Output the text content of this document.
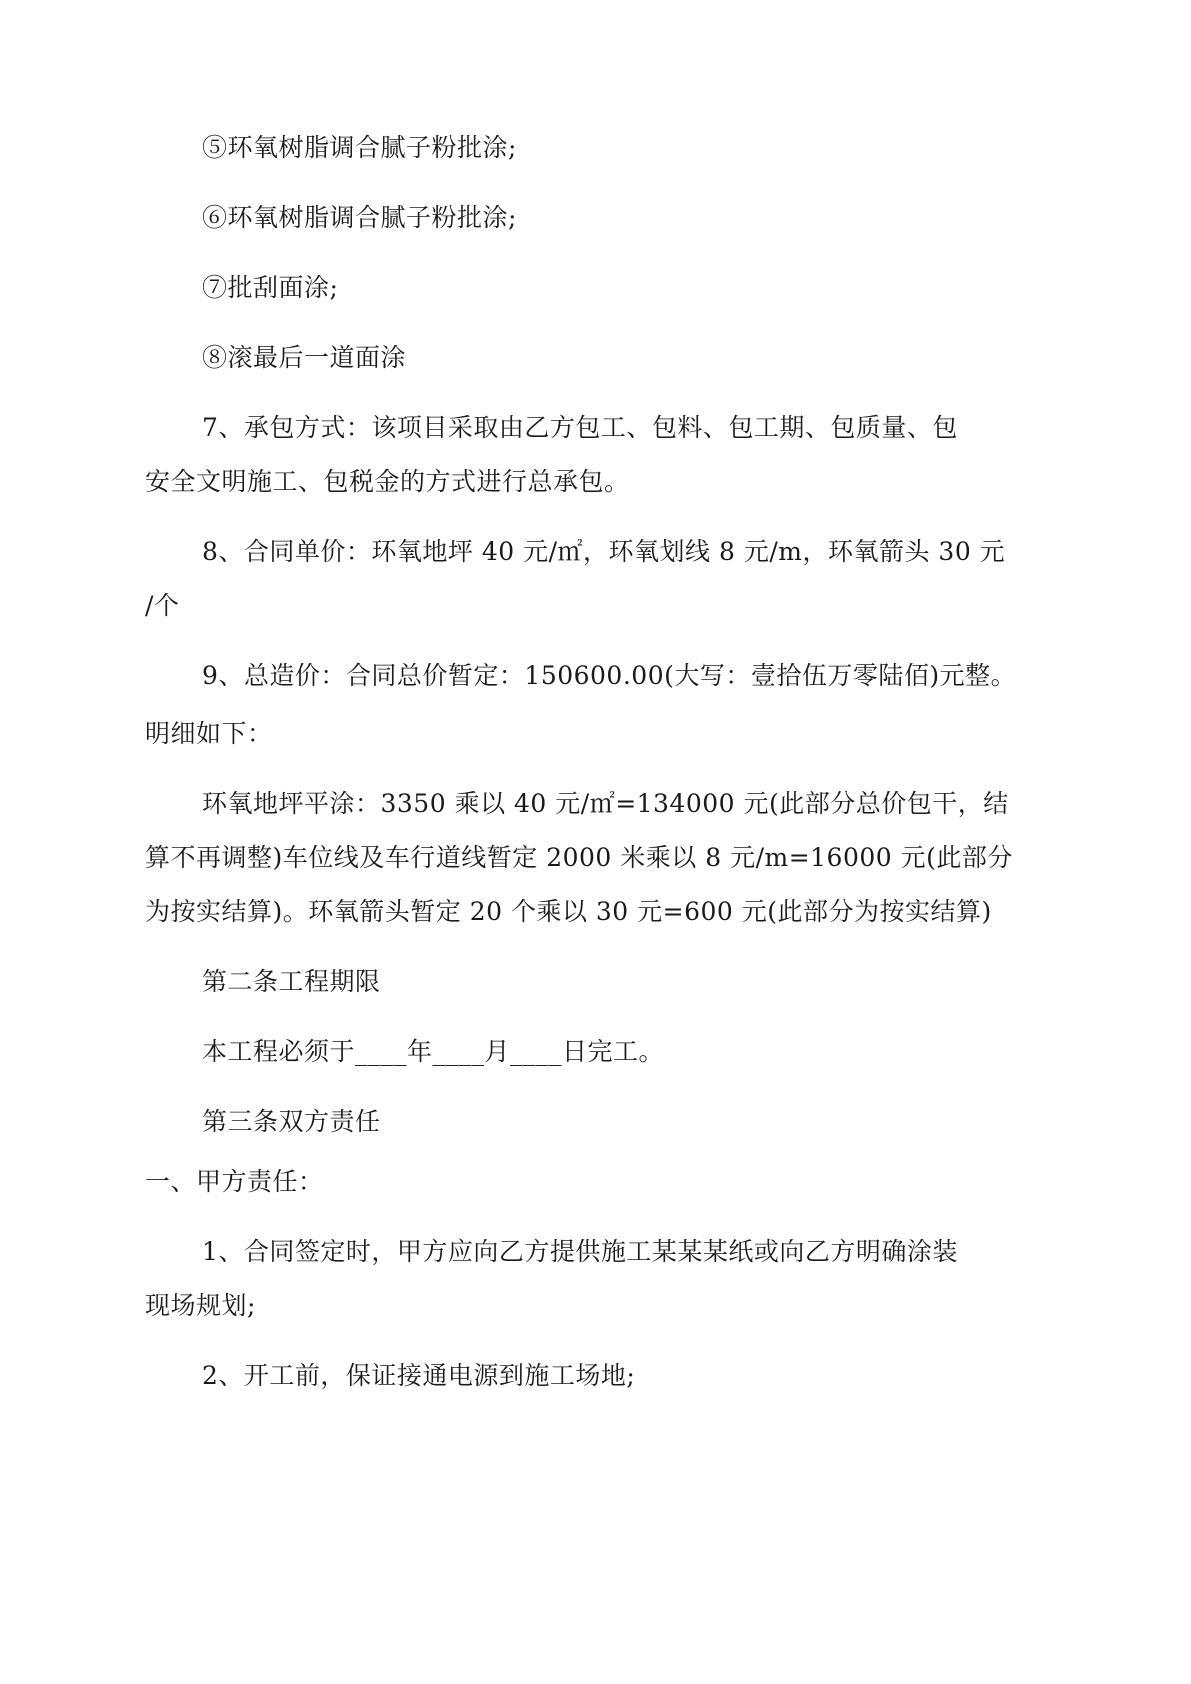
⑤环氧树脂调合腻子粉批涂;
⑥环氧树脂调合腻子粉批涂;
⑦批刮面涂;
⑧滚最后一道面涂
7、承包方式：该项目采取由乙方包工、包料、包工期、包质量、包
安全文明施工、包税金的方式进行总承包。
8、合同单价：环氧地坪 40 元/㎡，环氧划线 8 元/m，环氧箭头 30 元
/个
9、总造价：合同总价暂定：150600.00(大写：壹拾伍万零陆佰)元整。
明细如下：
环氧地坪平涂：3350 乘以 40 元/㎡=134000 元(此部分总价包干，结
算不再调整)车位线及车行道线暂定 2000 米乘以 8 元/m=16000 元(此部分
为按实结算)。环氧箭头暂定 20 个乘以 30 元=600 元(此部分为按实结算)
第二条工程期限
本工程必须于____年____月____日完工。
第三条双方责任
一、甲方责任：
1、合同签定时，甲方应向乙方提供施工某某某纸或向乙方明确涂装
现场规划;
2、开工前，保证接通电源到施工场地;
